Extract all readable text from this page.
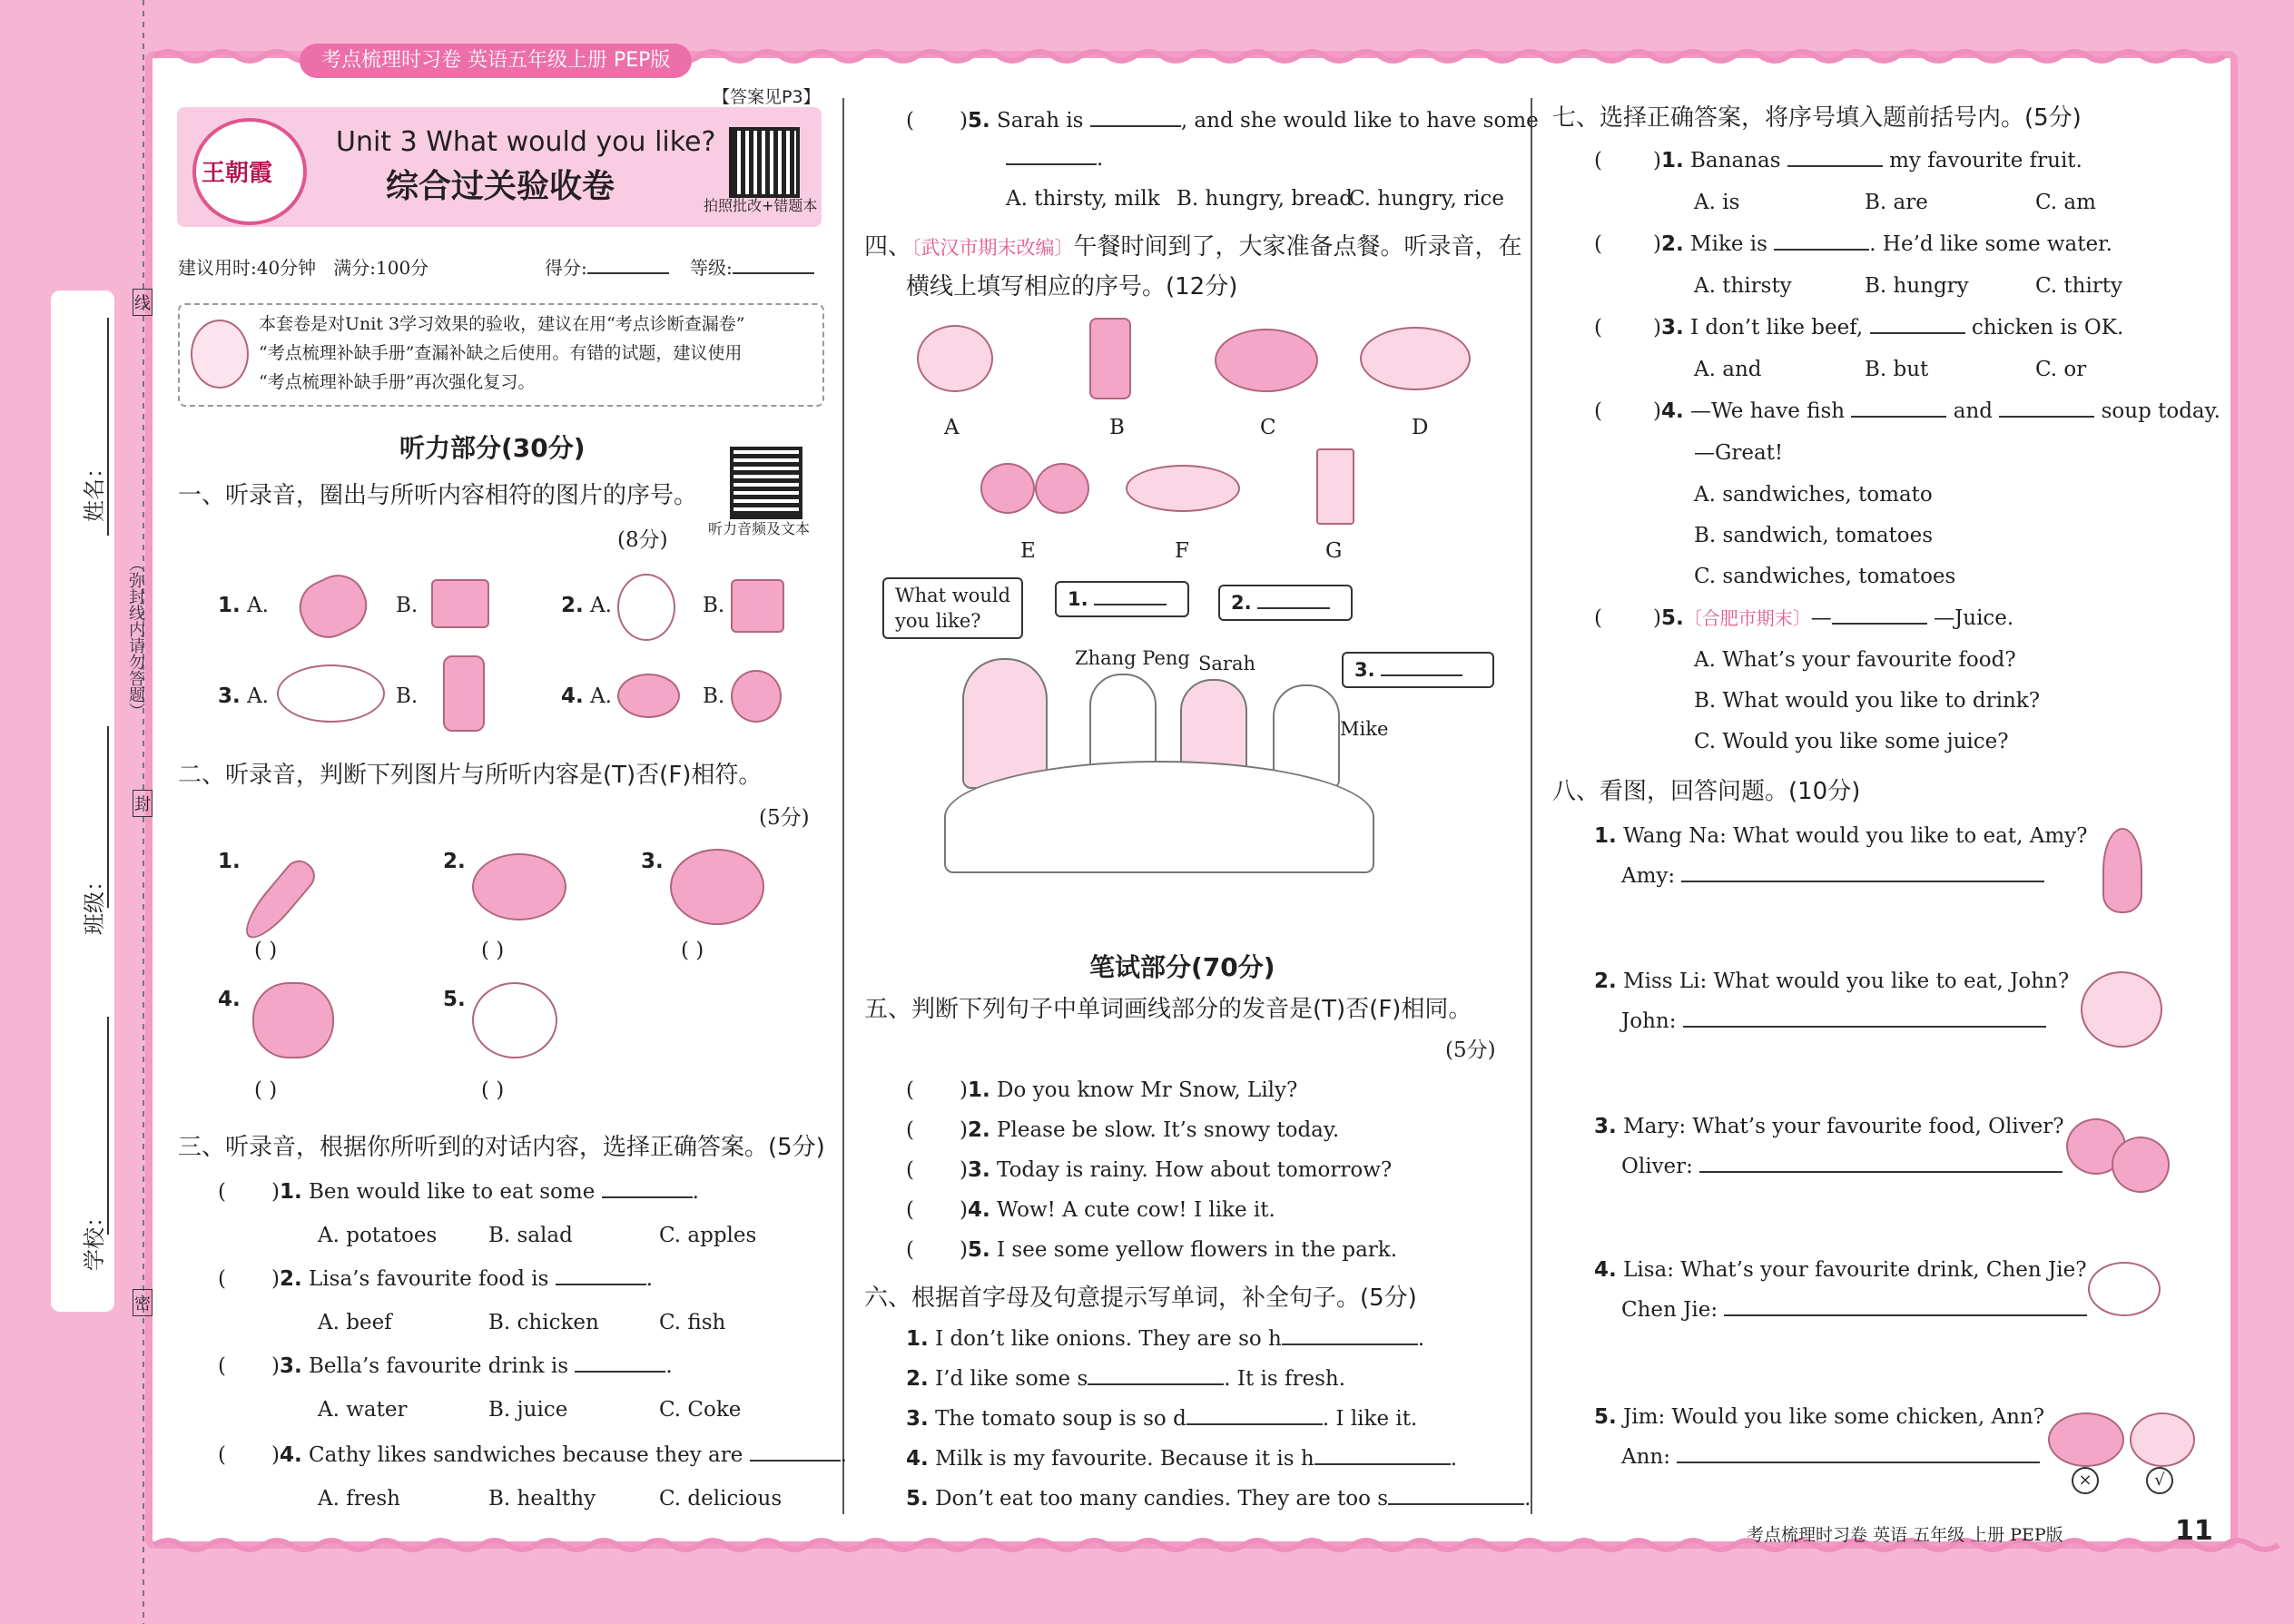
考点梳理时习卷 英语五年级上册 PEP版
姓名：
班级：
学校：
（弥封线内请勿答题）
线
封
密
【答案见P3】
王朝霞
Unit 3 What would you like?
综合过关验收卷
拍照批改+错题本
建议用时:40分钟 满分:100分	得分:	等级:
本套卷是对Unit 3学习效果的验收，建议在用“考点诊断查漏卷”
“考点梳理补缺手册”查漏补缺之后使用。有错的试题，建议使用
“考点梳理补缺手册”再次强化复习。
听力部分(30分)
听力音频及文本
一、听录音，圈出与所听内容相符的图片的序号。
(8分)
1. A.	B.	2. A.	B.
3. A.	B.	4. A.	B.
二、听录音，判断下列图片与所听内容是(T)否(F)相符。
(5分)
1.
( )
2.
( )
3.
( )
4.
( )
5.
( )
三、听录音，根据你所听到的对话内容，选择正确答案。(5分)
( )1. Ben would like to eat some	.
A. potatoes B. salad	C. apples
( )2. Lisa’s favourite food is	.
A. beef	B. chicken	C. fish
( )3. Bella’s favourite drink is	.
A. water	B. juice	C. Coke
( )4. Cathy likes sandwiches because they are	.
A. fresh	B. healthy	C. delicious
( )5. Sarah is	, and she would like to have some
.
A. thirsty, milk B. hungry, bread
C. hungry, rice
四、〔武汉市期末改编〕午餐时间到了，大家准备点餐。听录音，在
横线上填写相应的序号。(12分)
A	B	C	D
E	F	G
What would
you like?
1.	2.
3.
Zhang Peng Sarah
Mike
笔试部分(70分)
五、判断下列句子中单词画线部分的发音是(T)否(F)相同。
(5分)
( )1. Do you know Mr Snow, Lily?
( )2. Please be slow. It’s snowy today.
( )3. Today is rainy. How about tomorrow?
( )4. Wow! A cute cow! I like it.
( )5. I see some yellow flowers in the park.
六、根据首字母及句意提示写单词，补全句子。(5分)
1. I don’t like onions. They are so h	.
2. I’d like some s	. It is fresh.
3. The tomato soup is so d	. I like it.
4. Milk is my favourite. Because it is h	.
5. Don’t eat too many candies. They are too s	.
七、选择正确答案，将序号填入题前括号内。(5分)
( )1. Bananas	my favourite fruit.
A. is	B. are	C. am
( )2. Mike is	. He’d like some water.
A. thirsty	B. hungry	C. thirty
( )3. I don’t like beef,	chicken is OK.
A. and	B. but	C. or
( )4. —We have fish	and	soup today.
—Great!
A. sandwiches, tomato
B. sandwich, tomatoes
C. sandwiches, tomatoes
( )5.〔合肥市期末〕—	—Juice.
A. What’s your favourite food?
B. What would you like to drink?
C. Would you like some juice?
八、看图，回答问题。(10分)
1. Wang Na: What would you like to eat, Amy?
Amy:
2. Miss Li: What would you like to eat, John?
John:
3. Mary: What’s your favourite food, Oliver?
Oliver:
4. Lisa: What’s your favourite drink, Chen Jie?
Chen Jie:
5. Jim: Would you like some chicken, Ann?
Ann:
×	√
考点梳理时习卷 英语 五年级 上册 PEP版	11
